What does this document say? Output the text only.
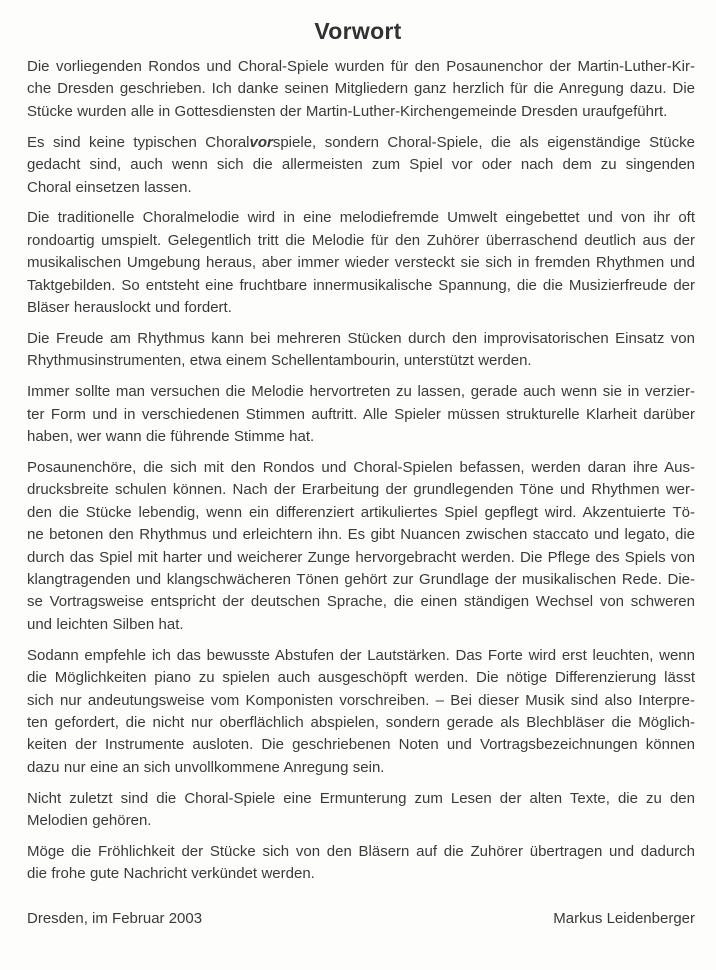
Vorwort
Die vorliegenden Rondos und Choral-Spiele wurden für den Posaunenchor der Martin-Luther-Kir-
che Dresden geschrieben. Ich danke seinen Mitgliedern ganz herzlich für die Anregung dazu. Die
Stücke wurden alle in Gottesdiensten der Martin-Luther-Kirchengemeinde Dresden uraufgeführt.
Es sind keine typischen Choralvorspiele, sondern Choral-Spiele, die als eigenständige Stücke
gedacht sind, auch wenn sich die allermeisten zum Spiel vor oder nach dem zu singenden
Choral einsetzen lassen.
Die traditionelle Choralmelodie wird in eine melodiefremde Umwelt eingebettet und von ihr oft
rondoartig umspielt. Gelegentlich tritt die Melodie für den Zuhörer überraschend deutlich aus der
musikalischen Umgebung heraus, aber immer wieder versteckt sie sich in fremden Rhythmen und
Taktgebilden. So entsteht eine fruchtbare innermusikalische Spannung, die die Musizierfreude der
Bläser herauslockt und fordert.
Die Freude am Rhythmus kann bei mehreren Stücken durch den improvisatorischen Einsatz von
Rhythmusinstrumenten, etwa einem Schellentambourin, unterstützt werden.
Immer sollte man versuchen die Melodie hervortreten zu lassen, gerade auch wenn sie in verzier-
ter Form und in verschiedenen Stimmen auftritt. Alle Spieler müssen strukturelle Klarheit darüber
haben, wer wann die führende Stimme hat.
Posaunenchöre, die sich mit den Rondos und Choral-Spielen befassen, werden daran ihre Aus-
drucksbreite schulen können. Nach der Erarbeitung der grundlegenden Töne und Rhythmen wer-
den die Stücke lebendig, wenn ein differenziert artikuliertes Spiel gepflegt wird. Akzentuierte Tö-
ne betonen den Rhythmus und erleichtern ihn. Es gibt Nuancen zwischen staccato und legato, die
durch das Spiel mit harter und weicherer Zunge hervorgebracht werden. Die Pflege des Spiels von
klangtragenden und klangschwächeren Tönen gehört zur Grundlage der musikalischen Rede. Die-
se Vortragsweise entspricht der deutschen Sprache, die einen ständigen Wechsel von schweren
und leichten Silben hat.
Sodann empfehle ich das bewusste Abstufen der Lautstärken. Das Forte wird erst leuchten, wenn
die Möglichkeiten piano zu spielen auch ausgeschöpft werden. Die nötige Differenzierung lässt
sich nur andeutungsweise vom Komponisten vorschreiben. – Bei dieser Musik sind also Interpre-
ten gefordert, die nicht nur oberflächlich abspielen, sondern gerade als Blechbläser die Möglich-
keiten der Instrumente ausloten. Die geschriebenen Noten und Vortragsbezeichnungen können
dazu nur eine an sich unvollkommene Anregung sein.
Nicht zuletzt sind die Choral-Spiele eine Ermunterung zum Lesen der alten Texte, die zu den
Melodien gehören.
Möge die Fröhlichkeit der Stücke sich von den Bläsern auf die Zuhörer übertragen und dadurch
die frohe gute Nachricht verkündet werden.
Dresden, im Februar 2003	Markus Leidenberger
